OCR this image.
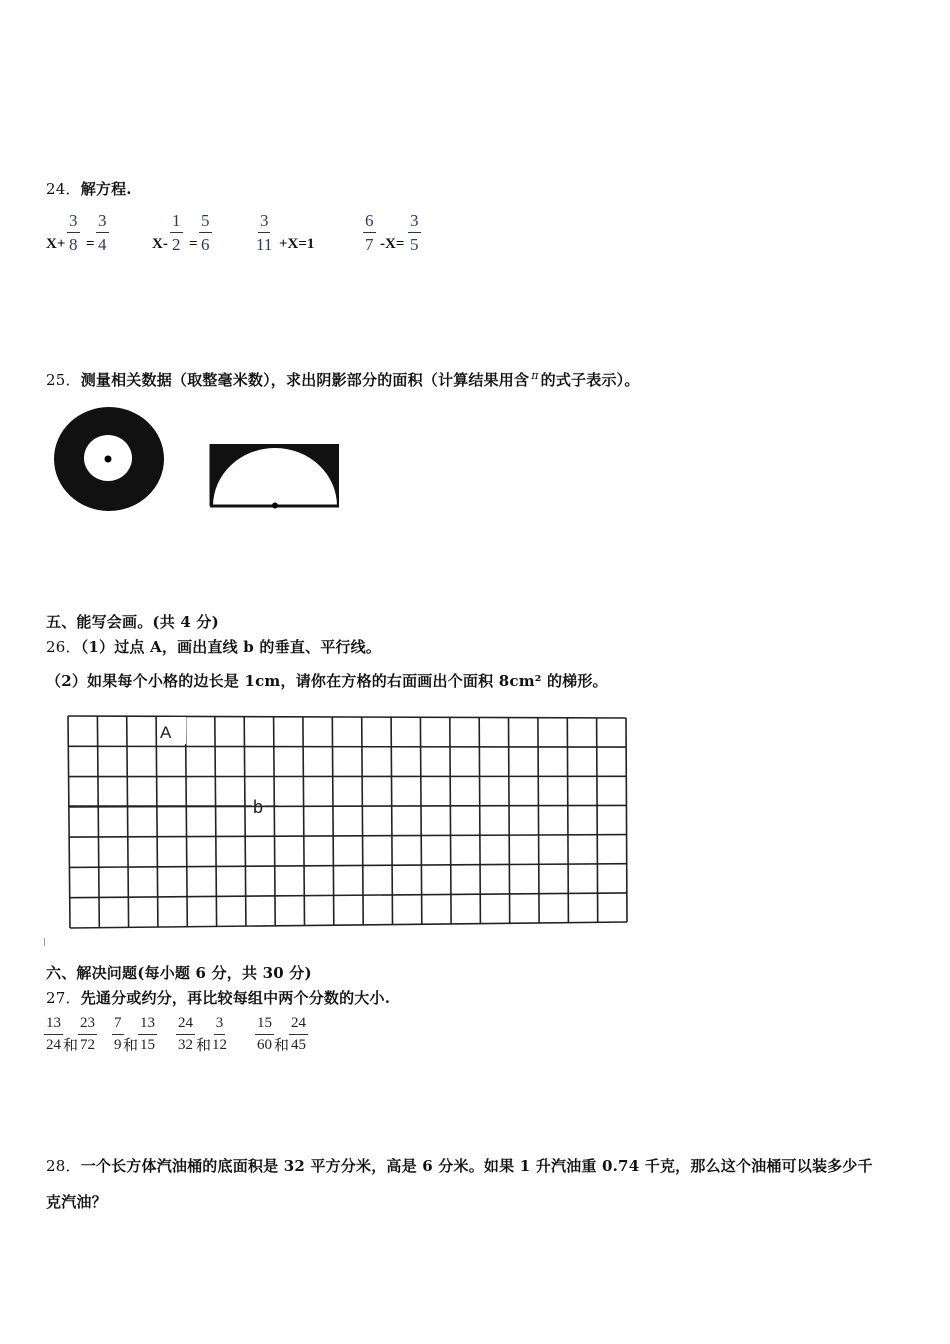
24．解方程.
$X+ \frac{3}{8} = \frac{3}{4}$	$X- \frac{1}{2} = \frac{5}{6}$	$\frac{3}{11} +X=1$	$\frac{6}{7} -X= \frac{3}{5}$
25．测量相关数据（取整毫米数），求出阴影部分的面积（计算结果用含 $^\pi$ 的式子表示）。
五、能写会画。(共 4 分)
26．（1）过点 A，画出直线 b 的垂直、平行线。
（2）如果每个小格的边长是 1cm，请你在方格的右面画出个面积 8cm² 的梯形。
A
b
六、解决问题(每小题 6 分，共 30 分)
27．先通分或约分，再比较每组中两个分数的大小.
$\frac{13}{24}$ 和 $\frac{23}{72} \frac{7}{9}$ 和 $\frac{13}{15} \frac{24}{32}$ 和 $\frac{3}{12} \frac{15}{60}$ 和 $\frac{24}{45}$
28．一个长方体汽油桶的底面积是 32 平方分米，高是 6 分米。如果 1 升汽油重 0.74 千克，那么这个油桶可以装多少千
克汽油？
